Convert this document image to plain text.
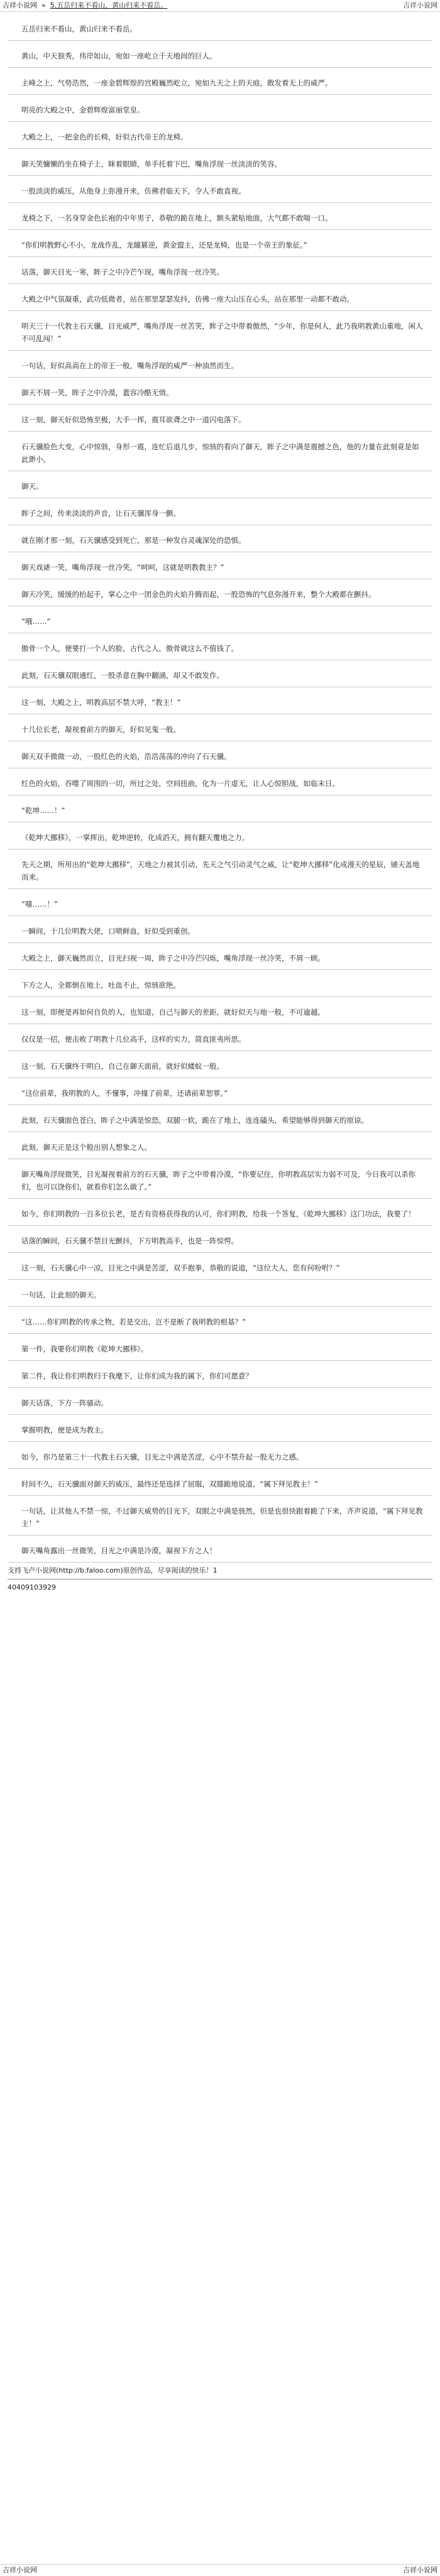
吉祥小说网  »  5.五岳归来不看山，黄山归来不看岳。	吉祥小说网
五岳归来不看山，黄山归来不看岳。
黄山，中天独秀，伟岸如山，宛如一座屹立于天地间的巨人。
主峰之上，气势浩然，一座金碧辉煌的宫殿巍然屹立，宛如九天之上的天庭，散发着无上的威严。
明亮的大殿之中，金碧辉煌富丽堂皇。
大殿之上，一把金色的长椅，好似古代帝王的龙椅。
御天笑慵懒的坐在椅子上，眯着眼睛，单手托着下巴，嘴角浮现一丝淡淡的笑容。
一股淡淡的威压，从他身上弥漫开来，仿佛君临天下，令人不敢直视。
龙椅之下，一名身穿金色长袍的中年男子，恭敬的跪在地上，额头紧贴地面，大气都不敢喘一口。
“你们明教野心不小，龙战作乱，龙瞳篡逆，黄金盟主，还是龙椅，也是一个帝王的象征。”
话落，御天目光一寒，眸子之中冷芒乍现，嘴角浮现一丝冷笑。
大殿之中气氛凝重，武功低微者，站在那里瑟瑟发抖，仿佛一座大山压在心头，站在那里一动都不敢动。
明天三十一代教主石天骥，目光威严，嘴角浮现一丝苦笑，眸子之中带着傲然，“少年，你是何人，此乃我明教黄山重地，闲人不可乱闯！”
一句话，好似高高在上的帝王一般，嘴角浮现的威严一种油然而生。
御天不屑一笑，眸子之中冷漠，蓋容冷酷无情。
这一刻，御天好似恐怖至极，大手一挥，震耳欲聋之中一道闪电落下。
石天骥脸色大变，心中惊骇，身形一震，连忙后退几步，惊骇的看向了御天，眸子之中满是震撼之色，他的力量在此刻竟是如此渺小。
御天。
眸子之间，传来淡淡的声音，让石天骥浑身一颤。
就在刚才那一刻，石天骥感受到死亡，那是一种发自灵魂深处的恐惧。
御天戏谑一笑，嘴角浮现一丝冷笑，“呵呵，这就是明教教主？”
御天冷笑，缓缓的抬起手，掌心之中一团金色的火焰升腾而起，一股恐怖的气息弥漫开来，整个大殿都在颤抖。
“哦……”
傲骨一个人，便要打一个人的脸，古代之人，傲骨就这么不值钱了。
此刻，石天骥双眼通红，一股杀意在胸中翻涌，却又不敢发作。
这一刻，大殿之上，明教高层不禁大呼，“教主！”
十几位长老，凝视着前方的御天，好似见鬼一般。
御天双手微微一动，一股红色的火焰，浩浩荡荡的冲向了石天骥。
红色的火焰，吞噬了周围的一切，所过之处，空间扭曲，化为一片虚无，让人心惊胆战，如临末日。
“乾坤……！”
《乾坤大挪移》，一掌挥出，乾坤逆转，化成滔天，拥有翻天覆地之力。
先天之期，所用出的“乾坤大挪移”，天地之力被其引动，先天之气引动灵气之威，让“乾坤大挪移”化成漫天的星辰，铺天盖地而来。
“嗤……！”
一瞬间，十几位明教大佬，口喷鲜血，好似受到重创。
大殿之上，御天巍然而立，目光扫视一周，眸子之中冷芒闪烁，嘴角浮现一丝冷笑，不屑一顾。
下方之人，全都倒在地上，吐血不止，惊骇欲绝。
这一刻，即便是再如何自负的人，也知道，自己与御天的差距，就好似天与地一般，不可逾越。
仅仅是一招，便击败了明教十几位高手，这样的实力，简直匪夷所思。
这一刻，石天骥终于明白，自己在御天面前，就好似蝼蚁一般。
“这位前辈，我明教的人，不懂事，冲撞了前辈，还请前辈恕罪。”
此刻，石天骥面色苍白，眸子之中满是惊恐，双腿一软，跪在了地上，连连磕头，希望能够得到御天的原谅。
此刻，御天正是这个般出别人想象之人。
御天嘴角浮现微笑，目光凝视着前方的石天骥，眸子之中带着冷漠，“你要记住，你明教高层实力弱不可及，今日我可以杀你们，也可以饶你们，就看你们怎么做了。”
如今，你们明教的一百多位长老，是否有资格获得我的认可，你们明教，给我一个答复，《乾坤大挪移》这门功法，我要了！
话落的瞬间，石天骥不禁目光颤抖，下方明教高手，也是一阵惊愕。
这一刻，石天骥心中一凉，目光之中满是苦涩，双手抱拳，恭敬的说道，“这位大人，您有何吩咐？”
一句话，让此刻的御天。
“这……你们明教的传承之物，若是交出，岂不是断了我明教的根基？”
第一件，我要你们明教《乾坤大挪移》。
第二件，我让你们明教归于我麾下，让你们成为我的属下，你们可愿意？
御天话落，下方一阵骚动。
掌握明教，便是成为教主。
如今，你乃是第三十一代教主石天骥，目光之中满是苦涩，心中不禁升起一股无力之感。
时间不久，石天骥面对御天的威压，最终还是选择了屈服，双膝跪地说道，“属下拜见教主！”
一句话，让其他人不禁一惊，不过御天威势的目光下，双眼之中满是骇然，但是也很快跟着跪了下来，齐声说道，“属下拜见教主！”
御天嘴角露出一丝微笑，目光之中满是冷漠，凝视下方之人！
支持飞卢小说网(http://b.faloo.com)原创作品，尽享阅读的快乐！1
40409103929
吉祥小说网	吉祥小说网
